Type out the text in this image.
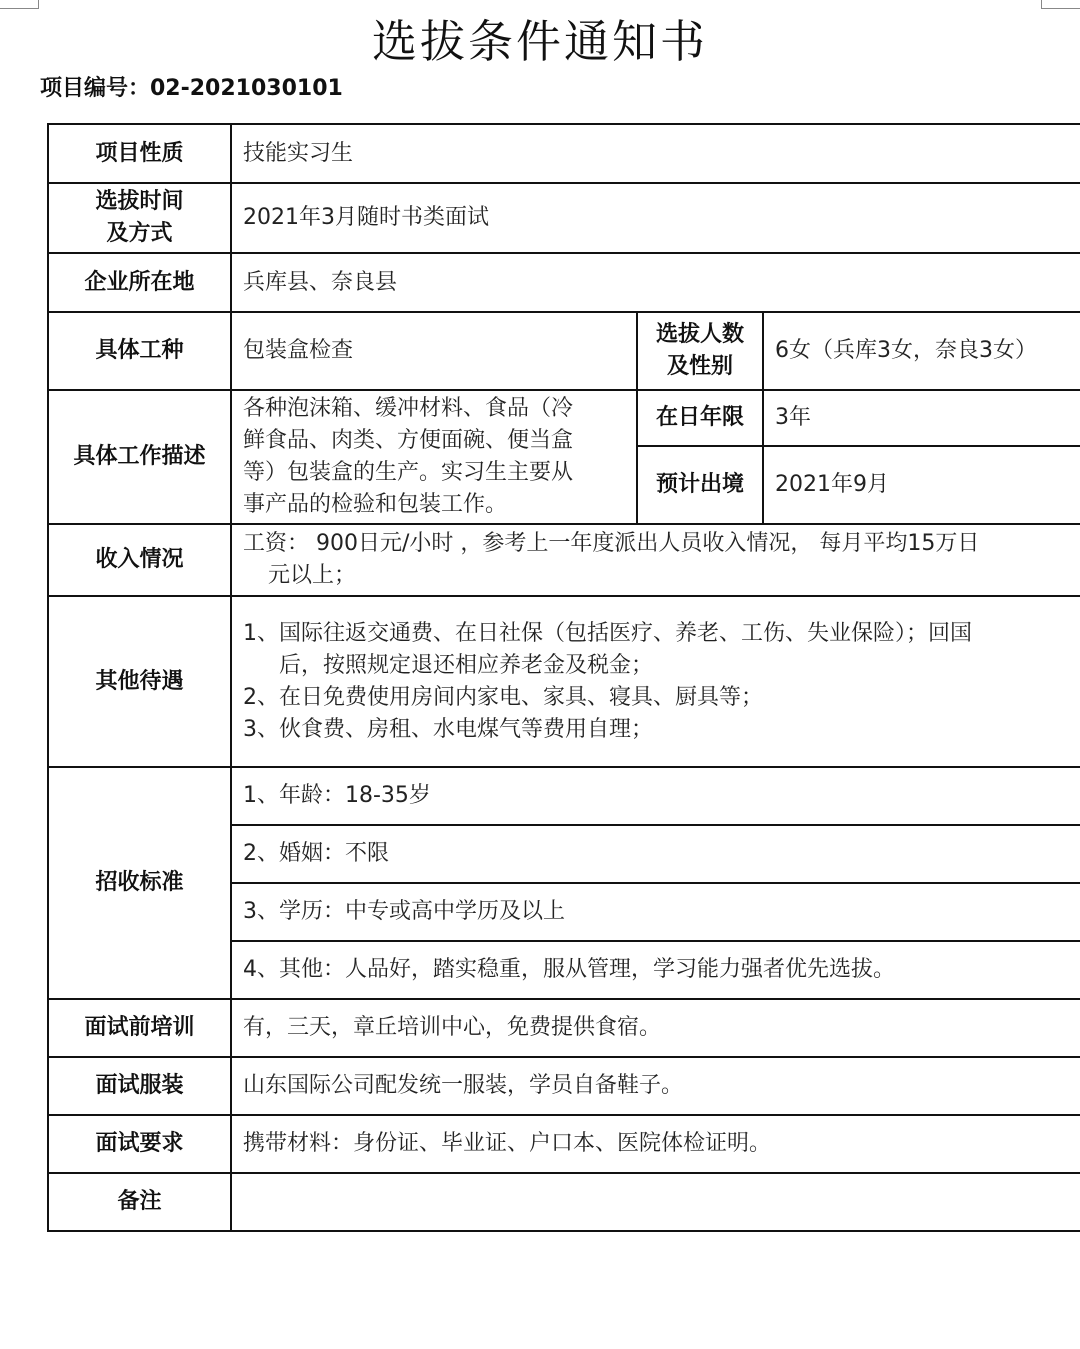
选拔条件通知书
项目编号：02-2021030101
项目性质	技能实习生		

选拔时间
及方式	2021年3月随时书类面试		
企业所在地	兵库县、奈良县		
具体工种	包装盒检查	选拔人数
及性别	6女（兵库3女，奈良3女）
具体工作描述	各种泡沫箱、缓冲材料、食品（冷
鲜食品、肉类、方便面碗、便当盒
等）包装盒的生产。实习生主要从
事产品的检验和包装工作。	在日年限	3年
		预计出境	2021年9月
收入情况	工资： 900日元/小时 ，参考上一年度派出人员收入情况， 每月平均15万日
元以上；		

其他待遇	1、国际往返交通费、在日社保（包括医疗、养老、工伤、失业保险）；回国
后，按照规定退还相应养老金及税金；
2、在日免费使用房间内家电、家具、寝具、厨具等；
3、伙食费、房租、水电煤气等费用自理；		

招收标准	1、年龄：18-35岁		
	2、婚姻：不限		
	3、学历：中专或高中学历及以上		
	4、其他：人品好，踏实稳重，服从管理，学习能力强者优先选拔。		
面试前培训	有，三天，章丘培训中心，免费提供食宿。		
面试服装	山东国际公司配发统一服装，学员自备鞋子。		
面试要求	携带材料：身份证、毕业证、户口本、医院体检证明。		
备注			
